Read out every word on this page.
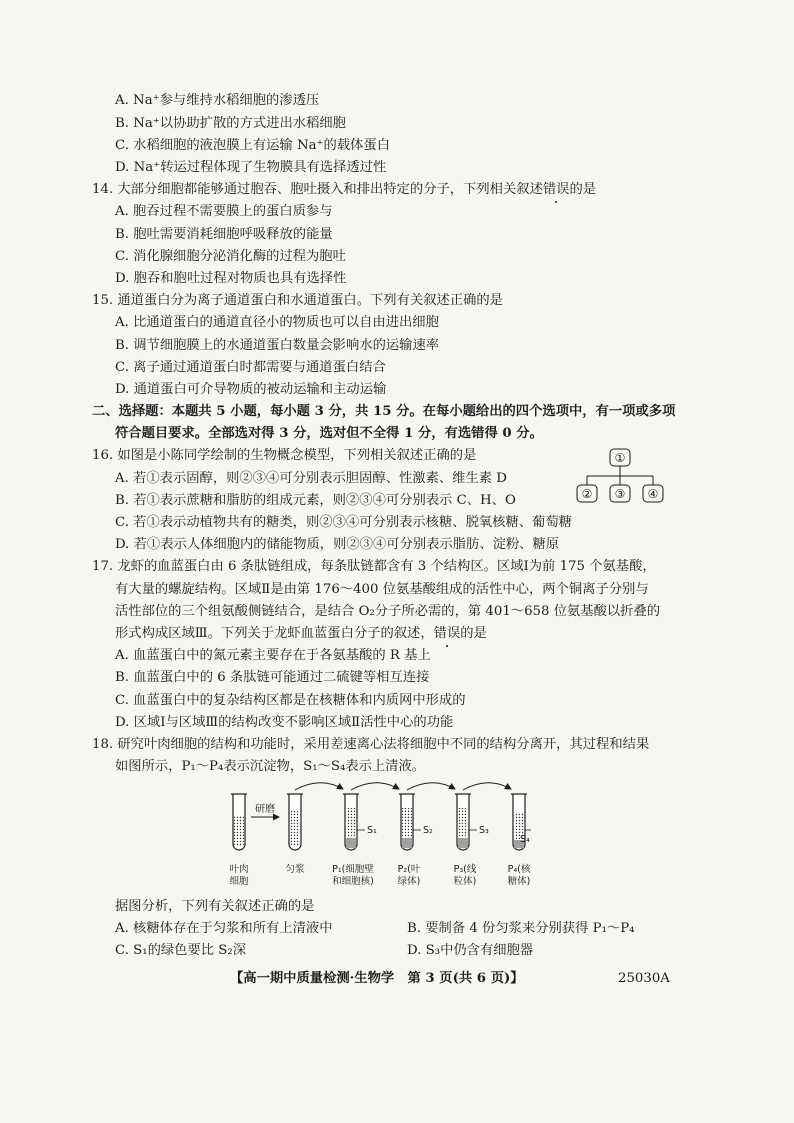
A. Na⁺参与维持水稻细胞的渗透压
B. Na⁺以协助扩散的方式进出水稻细胞
C. 水稻细胞的液泡膜上有运输 Na⁺的载体蛋白
D. Na⁺转运过程体现了生物膜具有选择透过性
14. 大部分细胞都能够通过胞吞、胞吐摄入和排出特定的分子，下列相关叙述错误的是
A. 胞吞过程不需要膜上的蛋白质参与
B. 胞吐需要消耗细胞呼吸释放的能量
C. 消化腺细胞分泌消化酶的过程为胞吐
D. 胞吞和胞吐过程对物质也具有选择性
15. 通道蛋白分为离子通道蛋白和水通道蛋白。下列有关叙述正确的是
A. 比通道蛋白的通道直径小的物质也可以自由进出细胞
B. 调节细胞膜上的水通道蛋白数量会影响水的运输速率
C. 离子通过通道蛋白时都需要与通道蛋白结合
D. 通道蛋白可介导物质的被动运输和主动运输
二、选择题：本题共 5 小题，每小题 3 分，共 15 分。在每小题给出的四个选项中，有一项或多项
符合题目要求。全部选对得 3 分，选对但不全得 1 分，有选错得 0 分。
16. 如图是小陈同学绘制的生物概念模型，下列相关叙述正确的是
A. 若①表示固醇，则②③④可分别表示胆固醇、性激素、维生素 D
B. 若①表示蔗糖和脂肪的组成元素，则②③④可分别表示 C、H、O
C. 若①表示动植物共有的糖类，则②③④可分别表示核糖、脱氧核糖、葡萄糖
D. 若①表示人体细胞内的储能物质，则②③④可分别表示脂肪、淀粉、糖原
①
② ③ ④
17. 龙虾的血蓝蛋白由 6 条肽链组成，每条肽链都含有 3 个结构区。区域Ⅰ为前 175 个氨基酸，
有大量的螺旋结构。区域Ⅱ是由第 176～400 位氨基酸组成的活性中心，两个铜离子分别与
活性部位的三个组氨酸侧链结合，是结合 O₂分子所必需的，第 401～658 位氨基酸以折叠的
形式构成区域Ⅲ。下列关于龙虾血蓝蛋白分子的叙述，错误的是
A. 血蓝蛋白中的氮元素主要存在于各氨基酸的 R 基上
B. 血蓝蛋白中的 6 条肽链可能通过二硫键等相互连接
C. 血蓝蛋白中的复杂结构区都是在核糖体和内质网中形成的
D. 区域Ⅰ与区域Ⅲ的结构改变不影响区域Ⅱ活性中心的功能
18. 研究叶肉细胞的结构和功能时，采用差速离心法将细胞中不同的结构分离开，其过程和结果
如图所示，P₁～P₄表示沉淀物，S₁～S₄表示上清液。
研磨
S₁	S₂	S₃
S₄
叶肉
细胞
匀浆	P₁(细胞壁
和细胞核)
P₂(叶
绿体)
P₃(线
粒体)
P₄(核
糖体)
据图分析，下列有关叙述正确的是
A. 核糖体存在于匀浆和所有上清液中	B. 要制备 4 份匀浆来分别获得 P₁～P₄
C. S₁的绿色要比 S₂深	D. S₃中仍含有细胞器
【高一期中质量检测·生物学　第 3 页(共 6 页)】	25030A
